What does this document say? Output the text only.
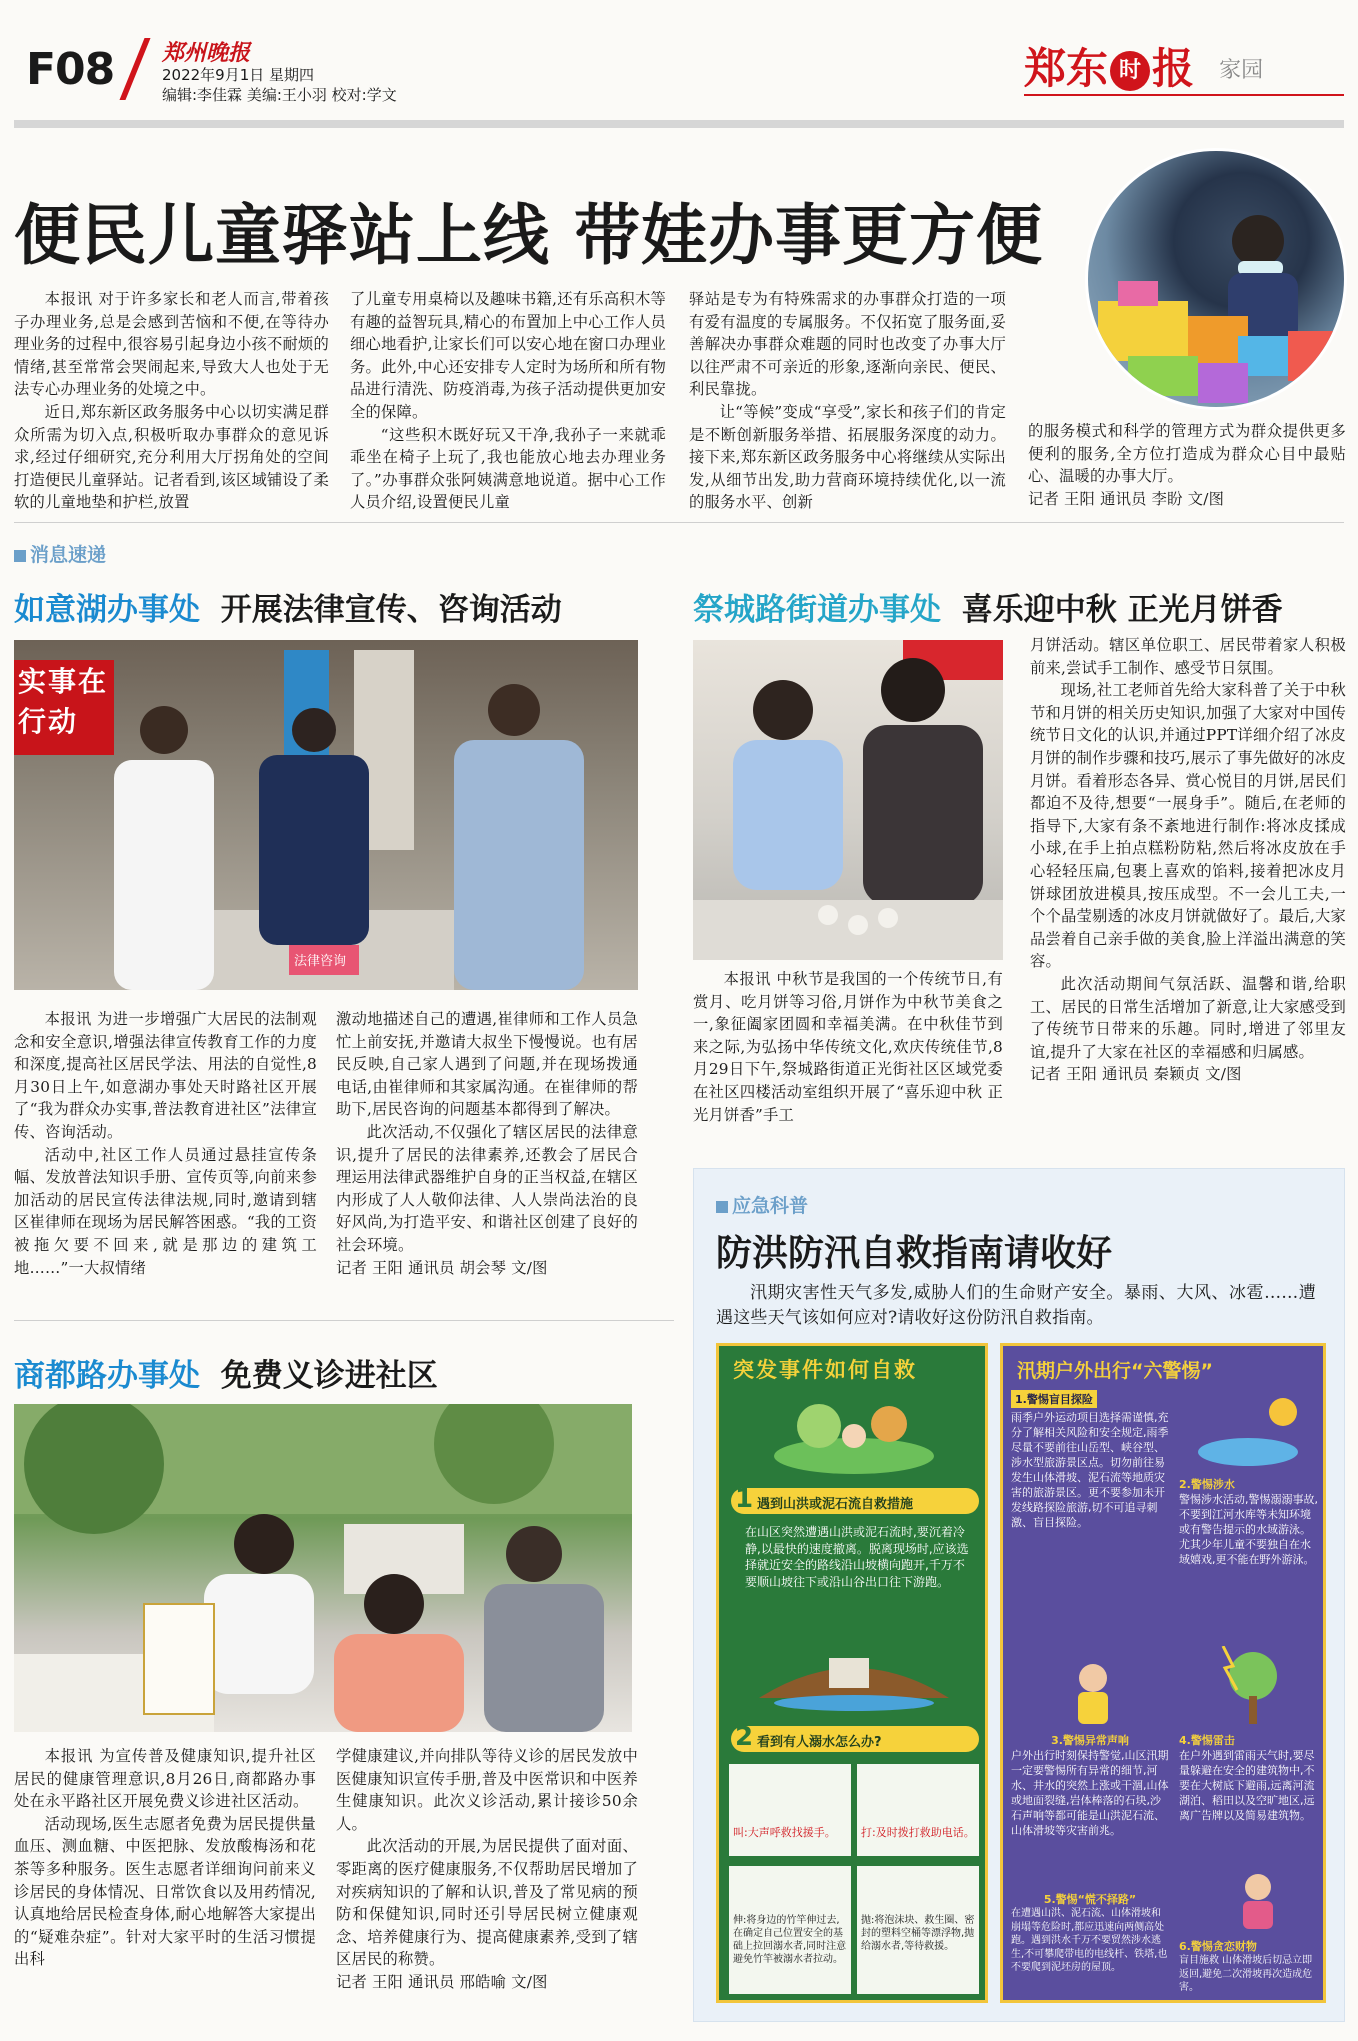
F08 郑州晚报
2022年9月1日 星期四
编辑:李佳霖 美编:王小羽 校对:学文
郑东 时 报 家园
便民儿童驿站上线 带娃办事更方便

本报讯 对于许多家长和老人而言,带着孩子办理业务,总是会感到苦恼和不便,在等待办理业务的过程中,很容易引起身边小孩不耐烦的情绪,甚至常常会哭闹起来,导致大人也处于无法专心办理业务的处境之中。

近日,郑东新区政务服务中心以切实满足群众所需为切入点,积极听取办事群众的意见诉求,经过仔细研究,充分利用大厅拐角处的空间打造便民儿童驿站。记者看到,该区域铺设了柔软的儿童地垫和护栏,放置

了儿童专用桌椅以及趣味书籍,还有乐高积木等有趣的益智玩具,精心的布置加上中心工作人员细心地看护,让家长们可以安心地在窗口办理业务。此外,中心还安排专人定时为场所和所有物品进行清洗、防疫消毒,为孩子活动提供更加安全的保障。

“这些积木既好玩又干净,我孙子一来就乖乖坐在椅子上玩了,我也能放心地去办理业务了。”办事群众张阿姨满意地说道。据中心工作人员介绍,设置便民儿童

驿站是专为有特殊需求的办事群众打造的一项有爱有温度的专属服务。不仅拓宽了服务面,妥善解决办事群众难题的同时也改变了办事大厅以往严肃不可亲近的形象,逐渐向亲民、便民、利民靠拢。

让“等候”变成“享受”,家长和孩子们的肯定是不断创新服务举措、拓展服务深度的动力。接下来,郑东新区政务服务中心将继续从实际出发,从细节出发,助力营商环境持续优化,以一流的服务水平、创新

的服务模式和科学的管理方式为群众提供更多便利的服务,全方位打造成为群众心目中最贴心、温暖的办事大厅。

记者 王阳 通讯员 李盼 文/图

消息速递
如意湖办事处 开展法律宣传、咨询活动
实事在行动
法律咨询

本报讯 为进一步增强广大居民的法制观念和安全意识,增强法律宣传教育工作的力度和深度,提高社区居民学法、用法的自觉性,8月30日上午,如意湖办事处天时路社区开展了“我为群众办实事,普法教育进社区”法律宣传、咨询活动。

活动中,社区工作人员通过悬挂宣传条幅、发放普法知识手册、宣传页等,向前来参加活动的居民宣传法律法规,同时,邀请到辖区崔律师在现场为居民解答困惑。“我的工资被拖欠要不回来,就是那边的建筑工地……”一大叔情绪

激动地描述自己的遭遇,崔律师和工作人员急忙上前安抚,并邀请大叔坐下慢慢说。也有居民反映,自己家人遇到了问题,并在现场拨通电话,由崔律师和其家属沟通。在崔律师的帮助下,居民咨询的问题基本都得到了解决。

此次活动,不仅强化了辖区居民的法律意识,提升了居民的法律素养,还教会了居民合理运用法律武器维护自身的正当权益,在辖区内形成了人人敬仰法律、人人崇尚法治的良好风尚,为打造平安、和谐社区创建了良好的社会环境。

记者 王阳 通讯员 胡会琴 文/图

祭城路街道办事处 喜乐迎中秋 正光月饼香

本报讯 中秋节是我国的一个传统节日,有赏月、吃月饼等习俗,月饼作为中秋节美食之一,象征阖家团圆和幸福美满。在中秋佳节到来之际,为弘扬中华传统文化,欢庆传统佳节,8月29日下午,祭城路街道正光街社区区域党委在社区四楼活动室组织开展了“喜乐迎中秋 正光月饼香”手工

月饼活动。辖区单位职工、居民带着家人积极前来,尝试手工制作、感受节日氛围。

现场,社工老师首先给大家科普了关于中秋节和月饼的相关历史知识,加强了大家对中国传统节日文化的认识,并通过PPT详细介绍了冰皮月饼的制作步骤和技巧,展示了事先做好的冰皮月饼。看着形态各异、赏心悦目的月饼,居民们都迫不及待,想要“一展身手”。随后,在老师的指导下,大家有条不紊地进行制作:将冰皮揉成小球,在手上拍点糕粉防粘,然后将冰皮放在手心轻轻压扁,包裹上喜欢的馅料,接着把冰皮月饼球团放进模具,按压成型。不一会儿工夫,一个个晶莹剔透的冰皮月饼就做好了。最后,大家品尝着自己亲手做的美食,脸上洋溢出满意的笑容。

此次活动期间气氛活跃、温馨和谐,给职工、居民的日常生活增加了新意,让大家感受到了传统节日带来的乐趣。同时,增进了邻里友谊,提升了大家在社区的幸福感和归属感。

记者 王阳 通讯员 秦颖贞 文/图

商都路办事处 免费义诊进社区

本报讯 为宣传普及健康知识,提升社区居民的健康管理意识,8月26日,商都路办事处在永平路社区开展免费义诊进社区活动。

活动现场,医生志愿者免费为居民提供量血压、测血糖、中医把脉、发放酸梅汤和花茶等多种服务。医生志愿者详细询问前来义诊居民的身体情况、日常饮食以及用药情况,认真地给居民检查身体,耐心地解答大家提出的“疑难杂症”。针对大家平时的生活习惯提出科

学健康建议,并向排队等待义诊的居民发放中医健康知识宣传手册,普及中医常识和中医养生健康知识。此次义诊活动,累计接诊50余人。

此次活动的开展,为居民提供了面对面、零距离的医疗健康服务,不仅帮助居民增加了对疾病知识的了解和认识,普及了常见病的预防和保健知识,同时还引导居民树立健康观念、培养健康行为、提高健康素养,受到了辖区居民的称赞。

记者 王阳 通讯员 邢皓喻 文/图

应急科普
防洪防汛自救指南请收好

汛期灾害性天气多发,威胁人们的生命财产安全。暴雨、大风、冰雹……遭遇这些天气该如何应对?请收好这份防汛自救指南。

突发事件如何自救
1 遇到山洪或泥石流自救措施
在山区突然遭遇山洪或泥石流时,要沉着冷静,以最快的速度撤离。脱离现场时,应该选择就近安全的路线沿山坡横向跑开,千万不要顺山坡往下或沿山谷出口往下游跑。
2 看到有人溺水怎么办?
叫:大声呼救找援手。	打:及时拨打救助电话。
伸:将身边的竹竿伸过去,在确定自己位置安全的基础上拉回溺水者,同时注意避免竹竿被溺水者拉动。
抛:将泡沫块、救生圈、密封的塑料空桶等漂浮物,抛给溺水者,等待救援。
汛期户外出行“六警惕”
1.警惕盲目探险
雨季户外运动项目选择需谨慎,充分了解相关风险和安全规定,雨季尽量不要前往山岳型、峡谷型、涉水型旅游景区点。切勿前往易发生山体滑坡、泥石流等地质灾害的旅游景区。更不要参加未开发线路探险旅游,切不可追寻刺激、盲目探险。
2.警惕涉水
警惕涉水活动,警惕溺溺事故,不要到江河水库等未知环境或有警告提示的水域游泳。尤其少年儿童不要独自在水域嬉戏,更不能在野外游泳。
3.警惕异常声响
户外出行时刻保持警觉,山区汛期一定要警惕所有异常的细节,河水、井水的突然上涨或干涸,山体或地面裂缝,岩体棒落的石块,沙石声响等都可能是山洪泥石流、山体滑坡等灾害前兆。
4.警惕雷击
在户外遇到雷雨天气时,要尽量躲避在安全的建筑物中,不要在大树底下避雨,远离河流湖泊、稻田以及空旷地区,远离广告牌以及简易建筑物。
5.警惕“慌不择路”
在遭遇山洪、泥石流、山体滑坡和崩塌等危险时,都应迅速向两侧高处跑。遇到洪水千万不要贸然涉水逃生,不可攀爬带电的电线杆、铁塔,也不要爬到泥坯房的屋顶。
6.警惕贪恋财物
盲目施救 山体滑坡后切忌立即返回,避免二次滑坡再次造成危害。
